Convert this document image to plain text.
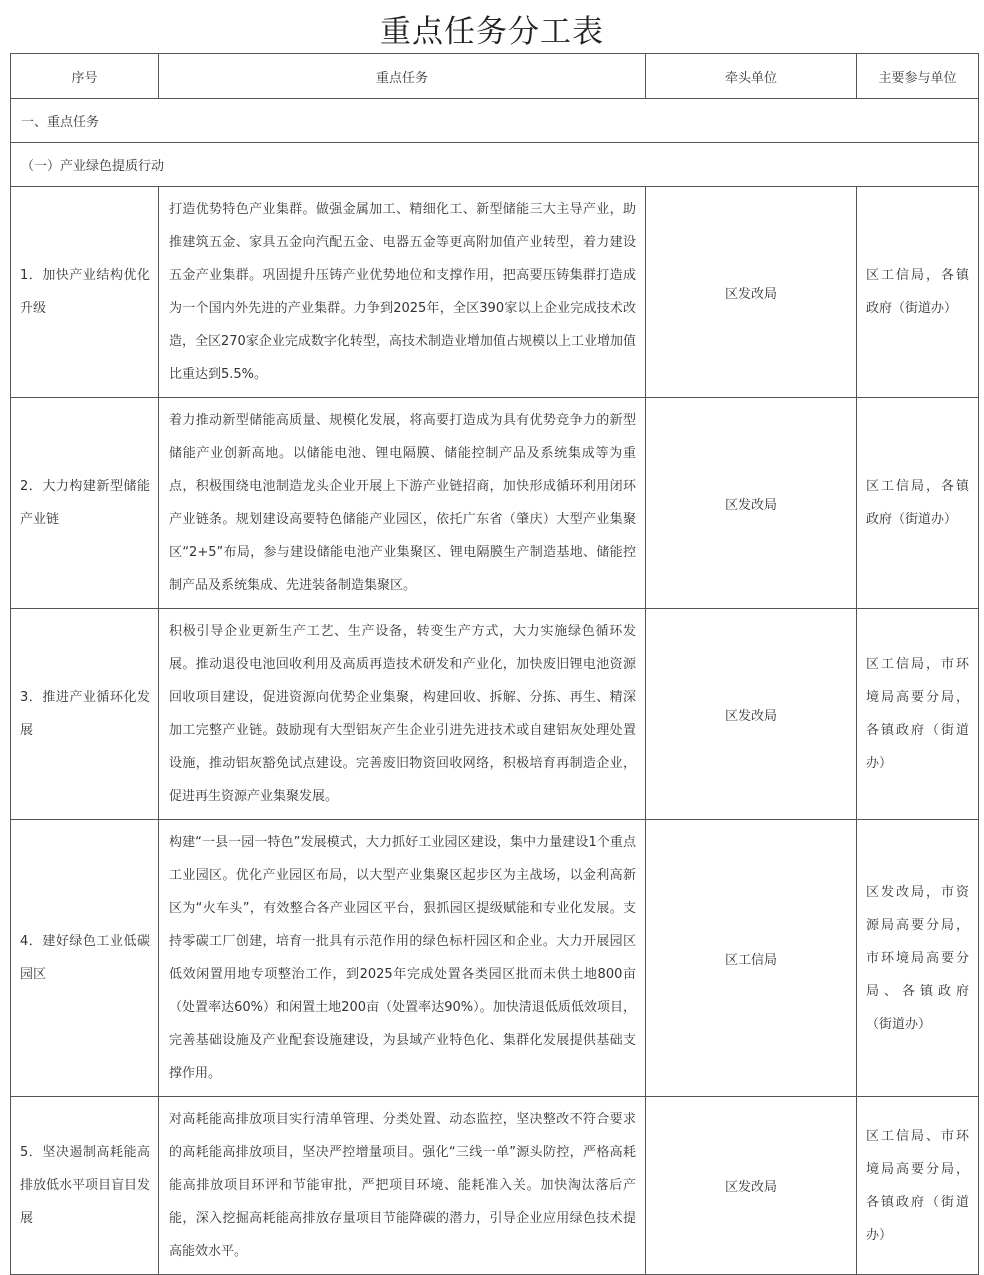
重点任务分工表
序号	重点任务	牵头单位	主要参与单位
一、重点任务			
（一）产业绿色提质行动			
1．加快产业结构优化升级	打造优势特色产业集群。做强金属加工、精细化工、新型储能三大主导产业，助推建筑五金、家具五金向汽配五金、电器五金等更高附加值产业转型，着力建设五金产业集群。巩固提升压铸产业优势地位和支撑作用，把高要压铸集群打造成为一个国内外先进的产业集群。力争到2025年，全区390家以上企业完成技术改造，全区270家企业完成数字化转型，高技术制造业增加值占规模以上工业增加值比重达到5.5%。	区发改局	区工信局，各镇政府（街道办）
2．大力构建新型储能产业链	着力推动新型储能高质量、规模化发展，将高要打造成为具有优势竞争力的新型储能产业创新高地。以储能电池、锂电隔膜、储能控制产品及系统集成等为重点，积极围绕电池制造龙头企业开展上下游产业链招商，加快形成循环利用闭环产业链条。规划建设高要特色储能产业园区，依托广东省（肇庆）大型产业集聚区“2+5”布局，参与建设储能电池产业集聚区、锂电隔膜生产制造基地、储能控制产品及系统集成、先进装备制造集聚区。	区发改局	区工信局，各镇政府（街道办）
3．推进产业循环化发展	积极引导企业更新生产工艺、生产设备，转变生产方式，大力实施绿色循环发展。推动退役电池回收利用及高质再造技术研发和产业化，加快废旧锂电池资源回收项目建设，促进资源向优势企业集聚，构建回收、拆解、分拣、再生、精深加工完整产业链。鼓励现有大型铝灰产生企业引进先进技术或自建铝灰处理处置设施，推动铝灰豁免试点建设。完善废旧物资回收网络，积极培育再制造企业，促进再生资源产业集聚发展。	区发改局	区工信局，市环境局高要分局，各镇政府（街道办）
4．建好绿色工业低碳园区	构建“一县一园一特色”发展模式，大力抓好工业园区建设，集中力量建设1个重点工业园区。优化产业园区布局，以大型产业集聚区起步区为主战场，以金利高新区为“火车头”，有效整合各产业园区平台，狠抓园区提级赋能和专业化发展。支持零碳工厂创建，培育一批具有示范作用的绿色标杆园区和企业。大力开展园区低效闲置用地专项整治工作，到2025年完成处置各类园区批而未供土地800亩（处置率达60%）和闲置土地200亩（处置率达90%）。加快清退低质低效项目，完善基础设施及产业配套设施建设，为县域产业特色化、集群化发展提供基础支撑作用。	区工信局	区发改局，市资源局高要分局，市环境局高要分局、各镇政府（街道办）
5．坚决遏制高耗能高排放低水平项目盲目发展	对高耗能高排放项目实行清单管理、分类处置、动态监控，坚决整改不符合要求的高耗能高排放项目，坚决严控增量项目。强化“三线一单”源头防控，严格高耗能高排放项目环评和节能审批，严把项目环境、能耗准入关。加快淘汰落后产能，深入挖掘高耗能高排放存量项目节能降碳的潜力，引导企业应用绿色技术提高能效水平。	区发改局	区工信局、市环境局高要分局，各镇政府（街道办）
